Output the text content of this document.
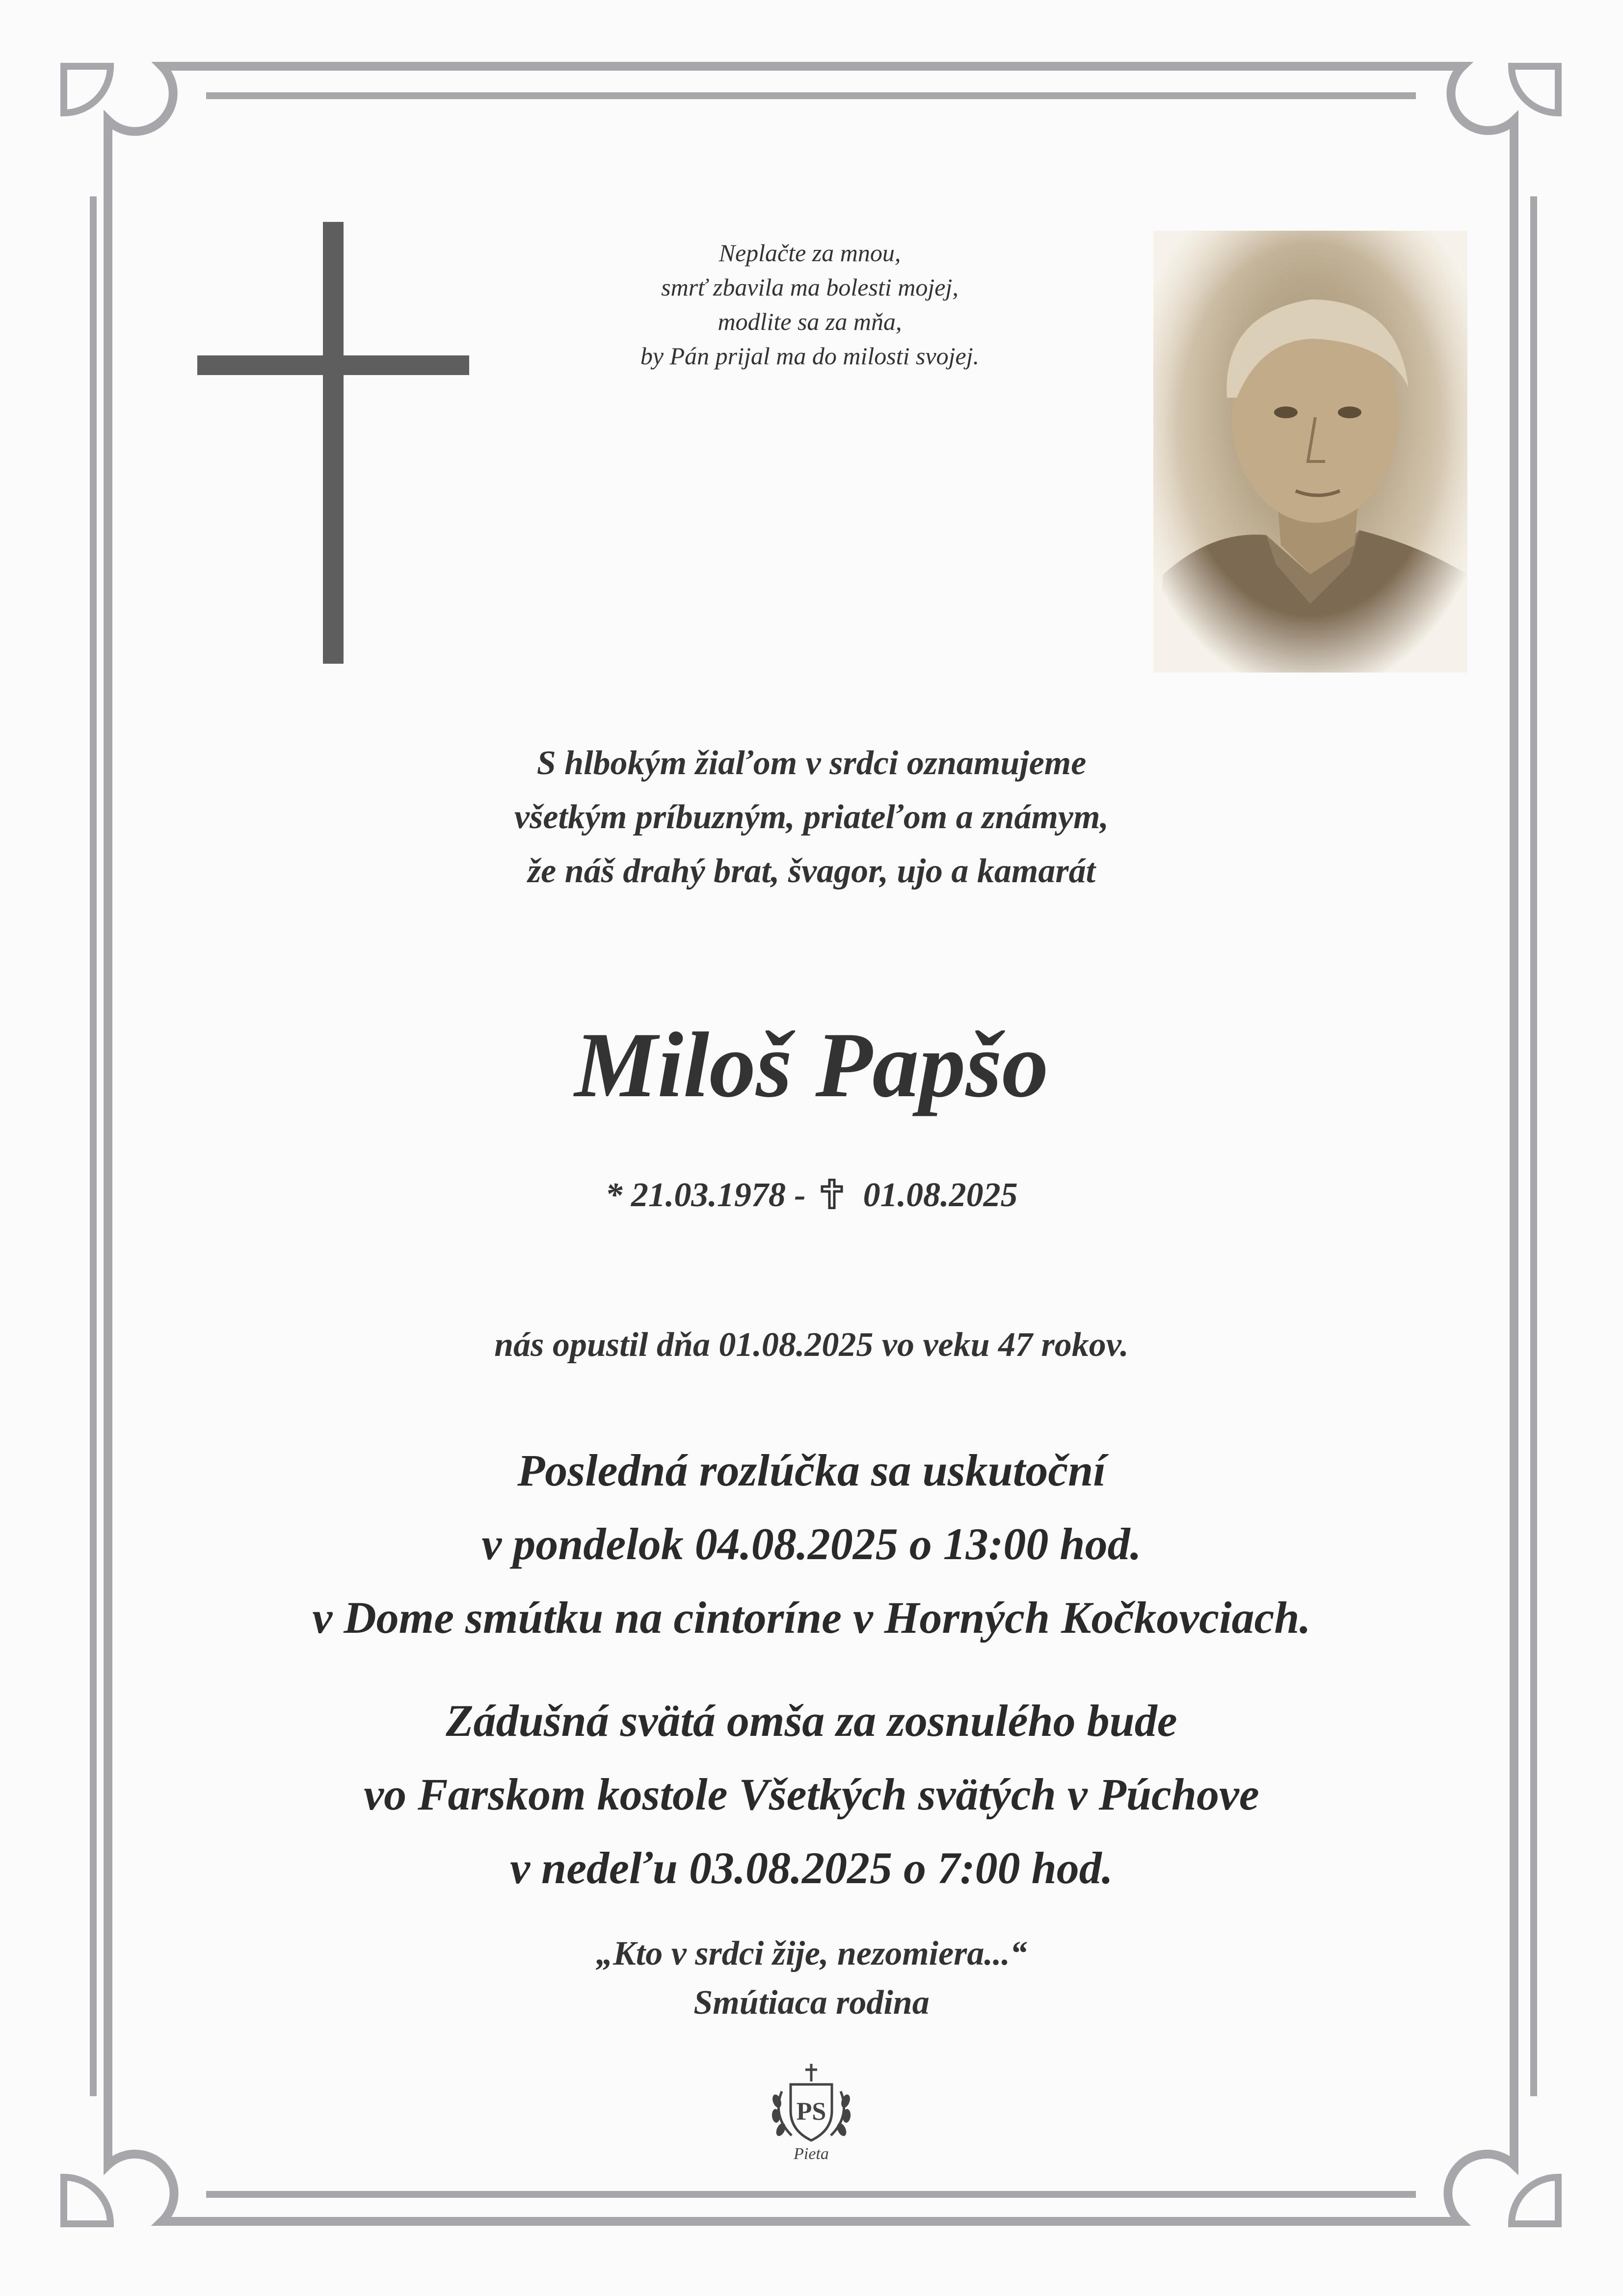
Neplačte za mnou,
smrť zbavila ma bolesti mojej,
modlite sa za mňa,
by Pán prijal ma do milosti svojej.
S hlbokým žiaľom v srdci oznamujeme
všetkým príbuzným, priateľom a známym,
že náš drahý brat, švagor, ujo a kamarát
Miloš Papšo
* 21.03.1978 - 01.08.2025
nás opustil dňa 01.08.2025 vo veku 47 rokov.
Posledná rozlúčka sa uskutoční
v pondelok 04.08.2025 o 13:00 hod.
v Dome smútku na cintoríne v Horných Kočkovciach.
Zádušná svätá omša za zosnulého bude
vo Farskom kostole Všetkých svätých v Púchove
v nedeľu 03.08.2025 o 7:00 hod.
„Kto v srdci žije, nezomiera...“
Smútiaca rodina
PS
Pieta
